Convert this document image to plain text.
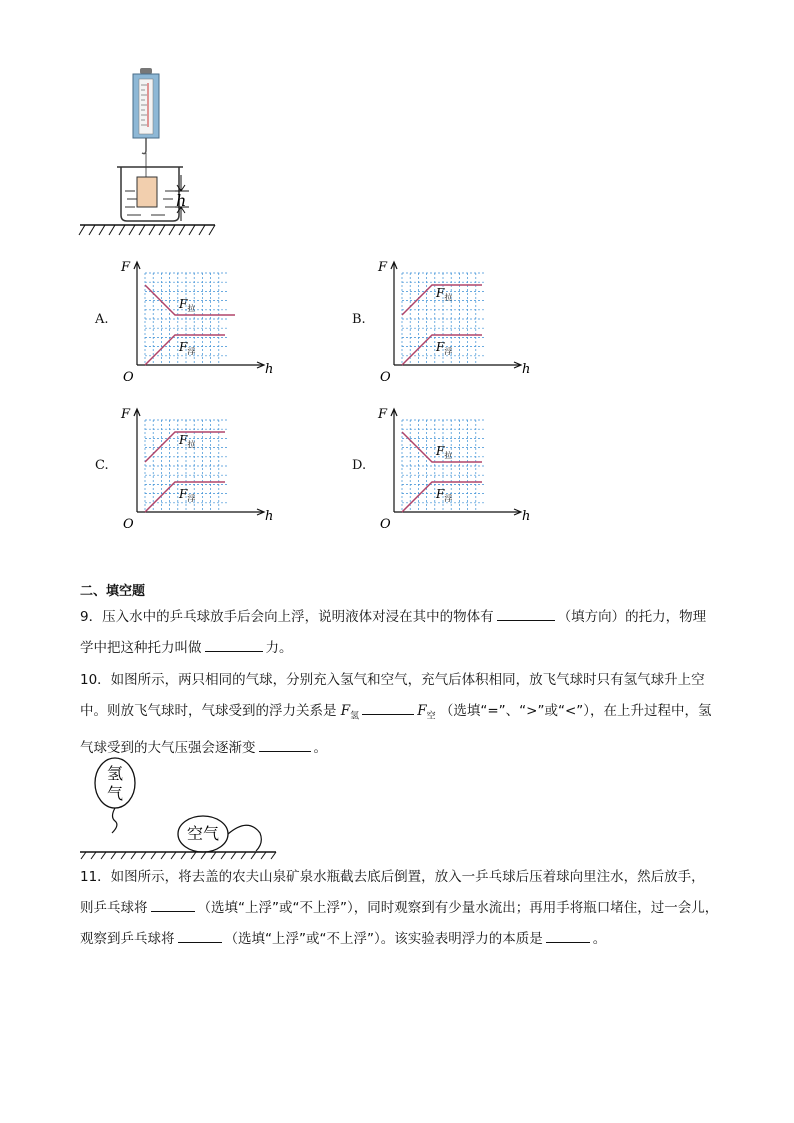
h
A.	B.
C.	D.
F
O
h
$F_拉$
$F_浮$
F
O
h
$F_拉$
$F_浮$
F
O
h
$F_拉$
$F_浮$
F
O
h
$F_拉$
$F_浮$
二、填空题
9．压入水中的乒乓球放手后会向上浮，说明液体对浸在其中的物体有	（填方向）的托力，物理
学中把这种托力叫做	力。
10．如图所示，两只相同的气球，分别充入氢气和空气，充气后体积相同，放飞气球时只有氢气球升上空
中。则放飞气球时，气球受到的浮力关系是 $F_氢$	$F_空$ （选填“=”、“>”或“<”），在上升过程中，氢
气球受到的大气压强会逐渐变	。
氢
气
空气
11．如图所示，将去盖的农夫山泉矿泉水瓶截去底后倒置，放入一乒乓球后压着球向里注水，然后放手，
则乒乓球将	（选填“上浮”或“不上浮”），同时观察到有少量水流出；再用手将瓶口堵住，过一会儿，
观察到乒乓球将	（选填“上浮”或“不上浮”）。该实验表明浮力的本质是	。
